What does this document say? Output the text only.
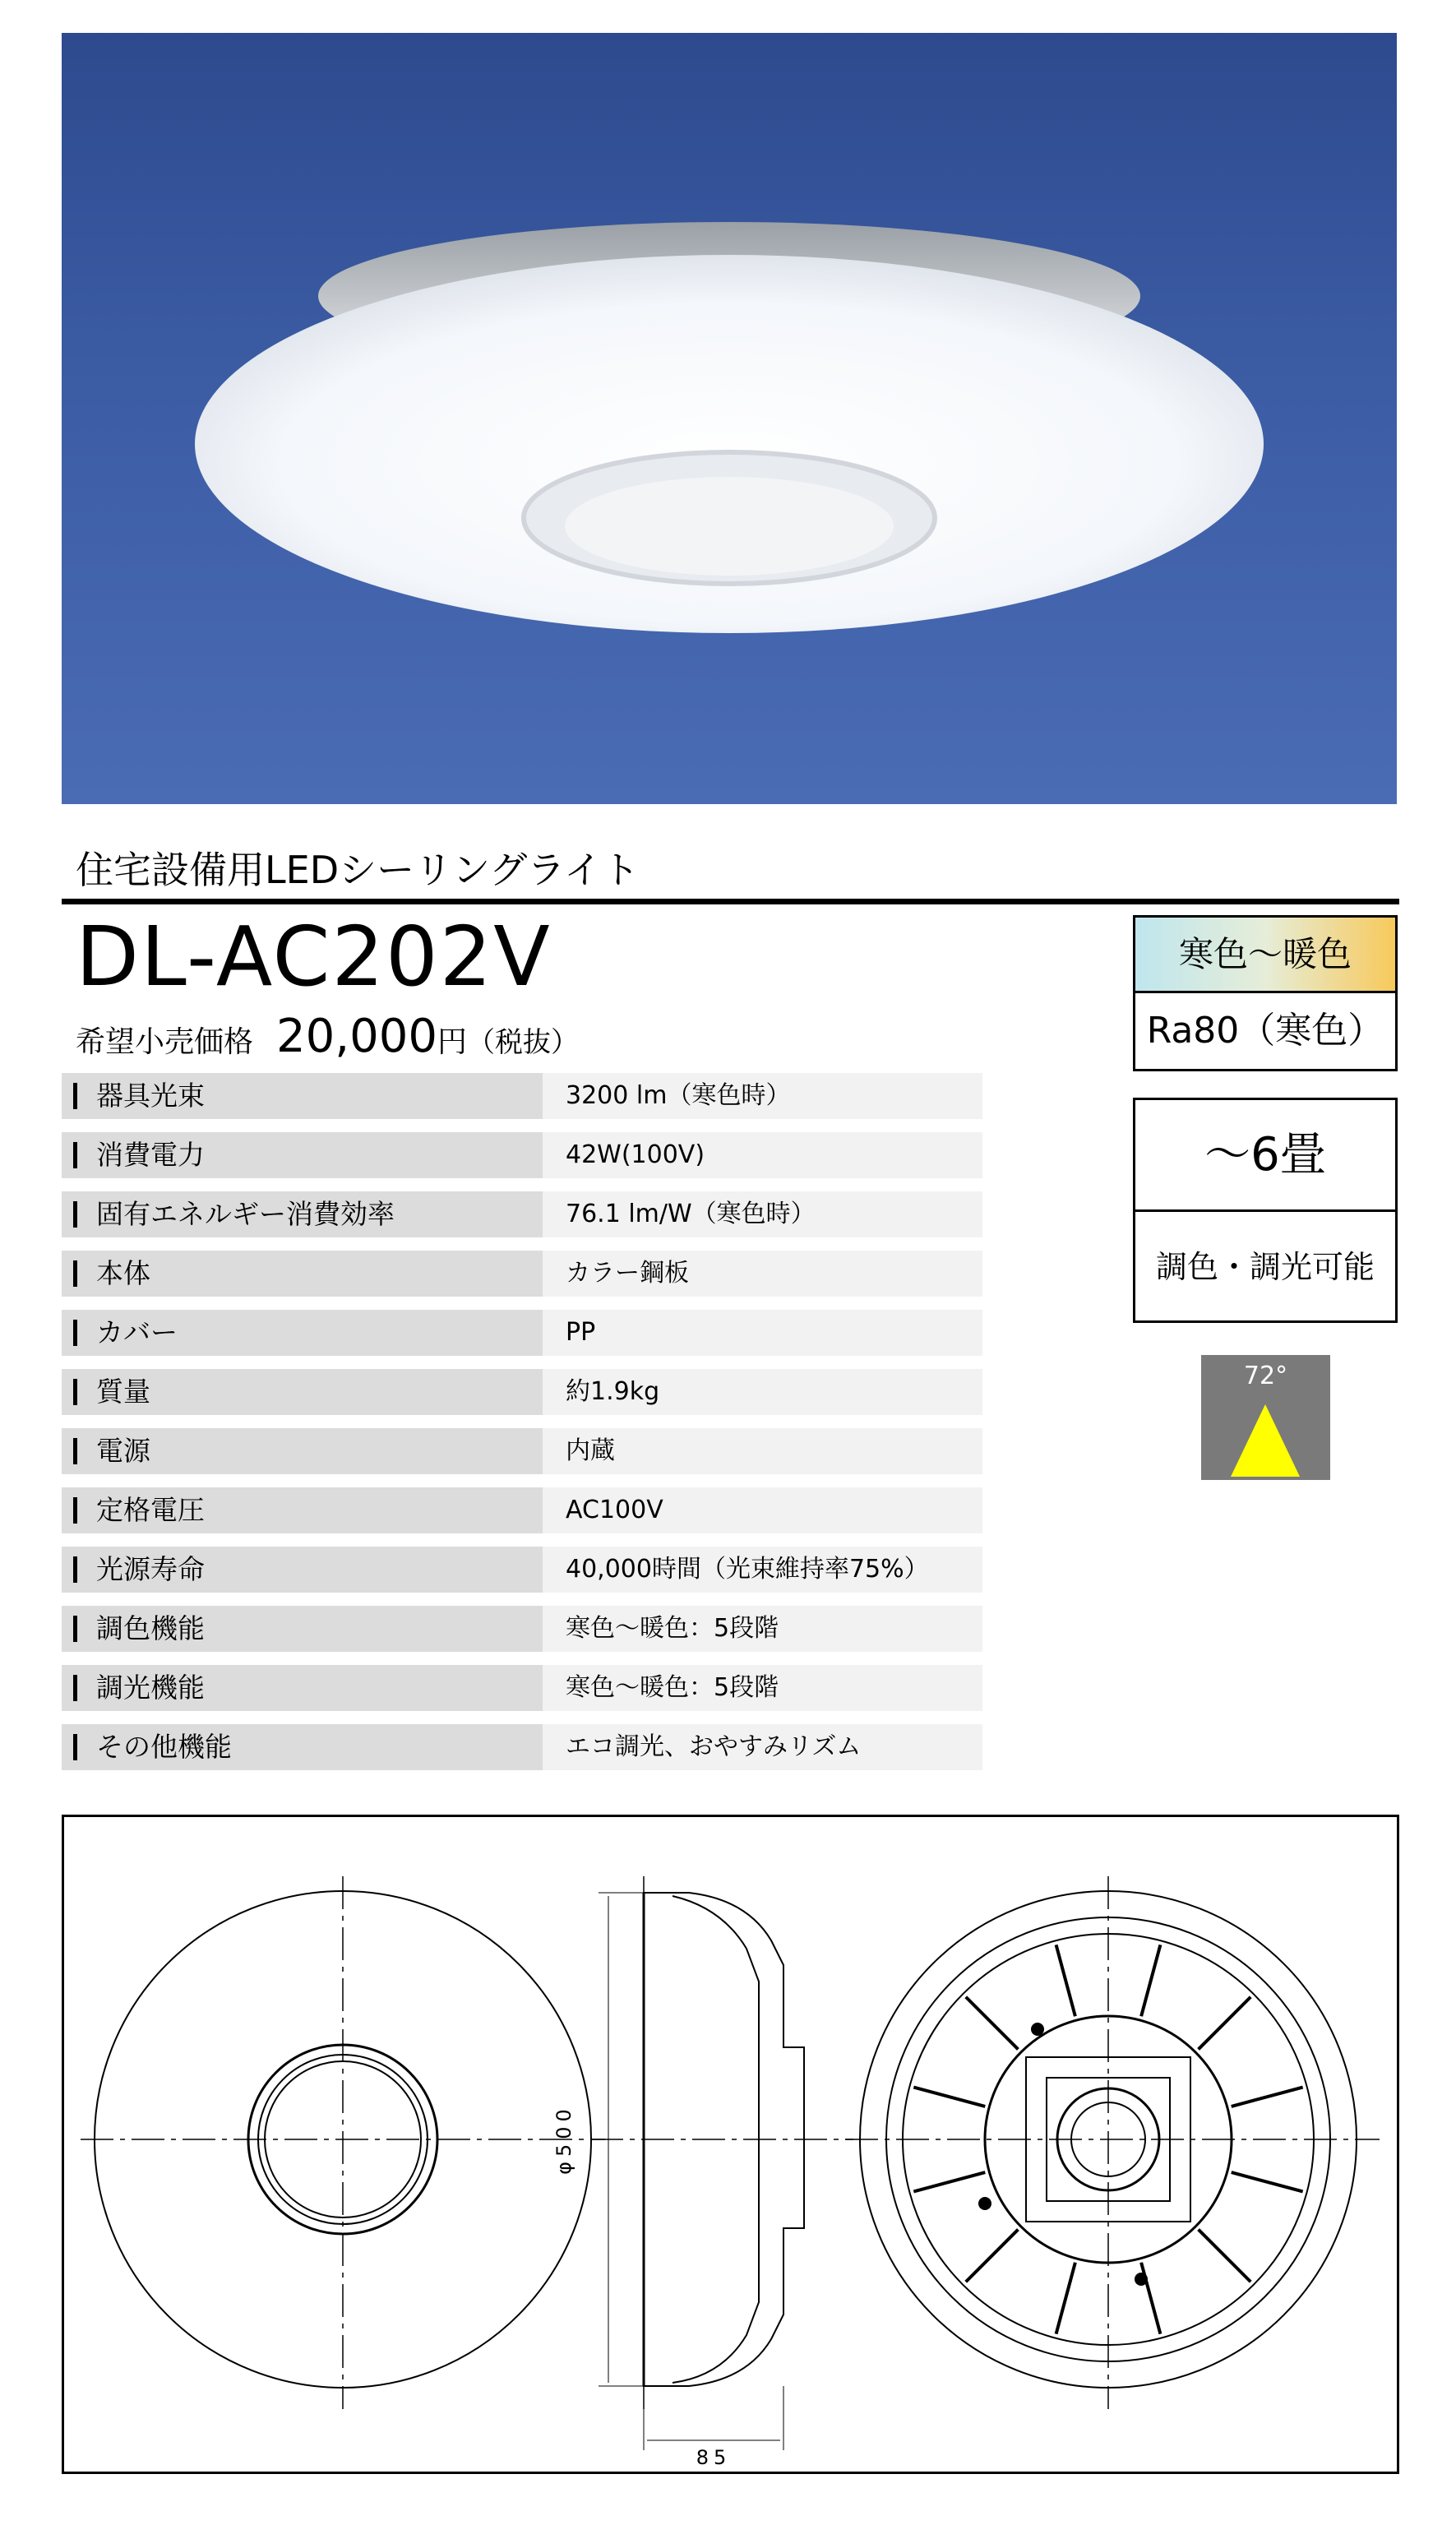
住宅設備用LEDシーリングライト
DL-AC202V
希望小売価格 20,000円（税抜）
器具光束	3200 lm（寒色時）
消費電力	42W(100V)
固有エネルギー消費効率	76.1 lm/W（寒色時）
本体	カラー鋼板
カバー	PP
質量	約1.9kg
電源	内蔵
定格電圧	AC100V
光源寿命	40,000時間（光束維持率75%）
調色機能	寒色～暖色：5段階
調光機能	寒色～暖色：5段階
その他機能	エコ調光、おやすみリズム
寒色～暖色
Ra80（寒色）
～6畳
調色・調光可能
72°
φ500
85
